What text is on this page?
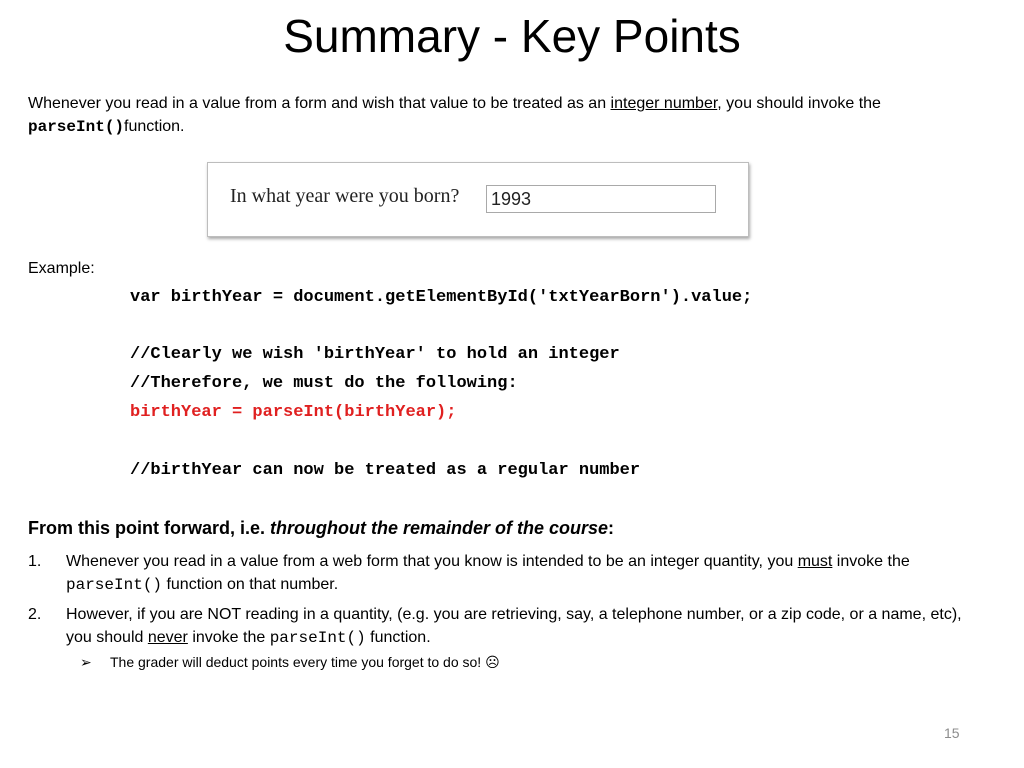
Summary - Key Points
Whenever you read in a value from a form and wish that value to be treated as an integer number, you should invoke the parseInt()function.
In what year were you born? 1993
Example:
var birthYear = document.getElementById('txtYearBorn').value;
//Clearly we wish 'birthYear' to hold an integer
//Therefore, we must do the following:
birthYear = parseInt(birthYear);
//birthYear can now be treated as a regular number
From this point forward, i.e. throughout the remainder of the course:
1. Whenever you read in a value from a web form that you know is intended to be an integer quantity, you must invoke the parseInt() function on that number.
2. However, if you are NOT reading in a quantity, (e.g. you are retrieving, say, a telephone number, or a zip code, or a name, etc), you should never invoke the parseInt() function.
➢ The grader will deduct points every time you forget to do so! ☹
15
